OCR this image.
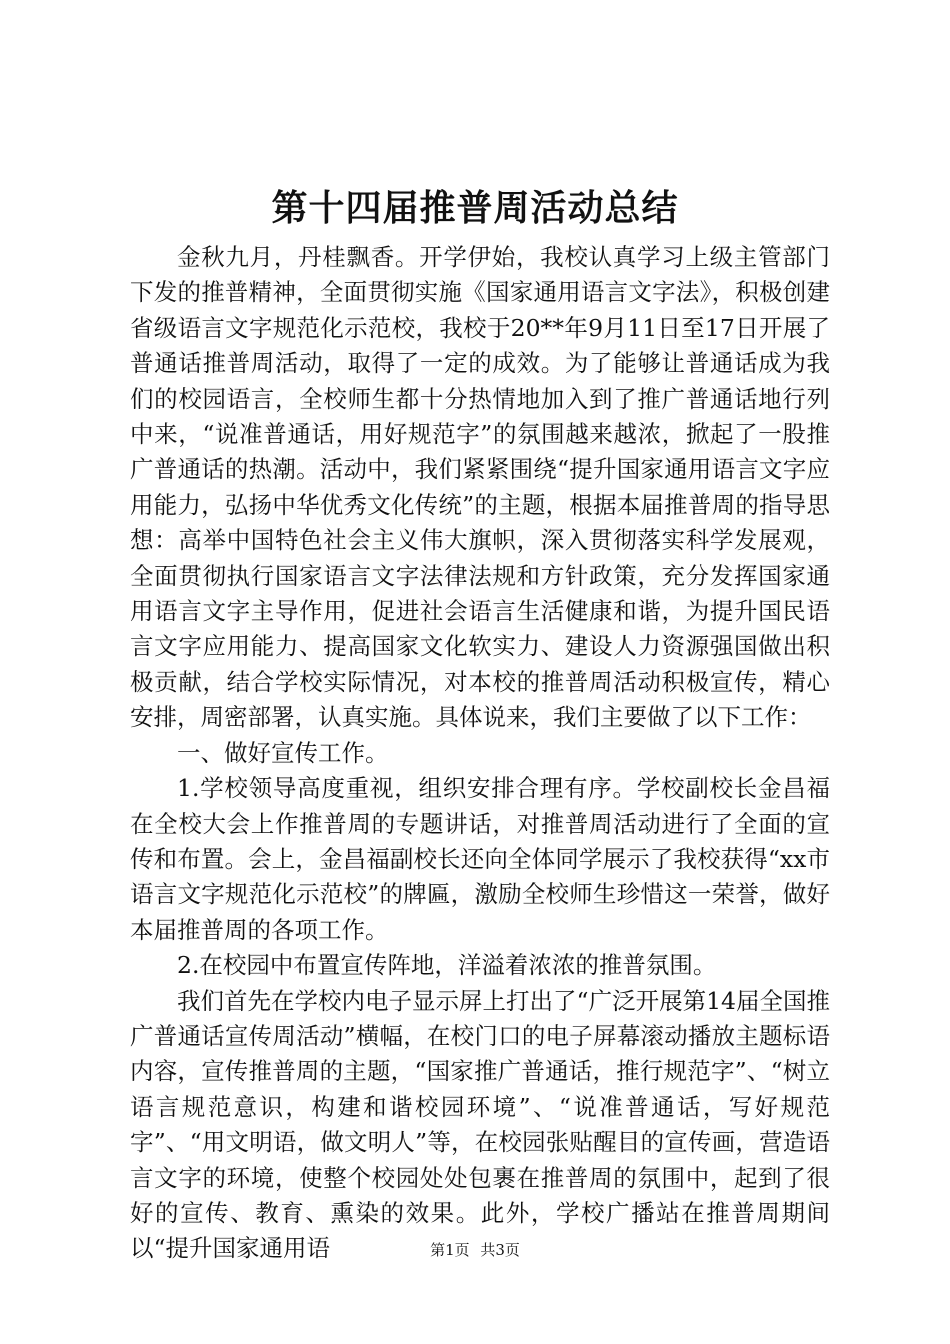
第十四届推普周活动总结

金秋九月，丹桂飘香。开学伊始，我校认真学习上级主管部门下发的推普精神，全面贯彻实施《国家通用语言文字法》，积极创建省级语言文字规范化示范校，我校于20**年9月11日至17日开展了普通话推普周活动，取得了一定的成效。为了能够让普通话成为我们的校园语言，全校师生都十分热情地加入到了推广普通话地行列中来，“说准普通话，用好规范字”的氛围越来越浓，掀起了一股推广普通话的热潮。活动中，我们紧紧围绕“提升国家通用语言文字应用能力，弘扬中华优秀文化传统”的主题，根据本届推普周的指导思想：高举中国特色社会主义伟大旗帜，深入贯彻落实科学发展观，全面贯彻执行国家语言文字法律法规和方针政策，充分发挥国家通用语言文字主导作用，促进社会语言生活健康和谐，为提升国民语言文字应用能力、提高国家文化软实力、建设人力资源强国做出积极贡献，结合学校实际情况，对本校的推普周活动积极宣传，精心安排，周密部署，认真实施。具体说来，我们主要做了以下工作：

一、做好宣传工作。

1.学校领导高度重视，组织安排合理有序。学校副校长金昌福在全校大会上作推普周的专题讲话，对推普周活动进行了全面的宣传和布置。会上，金昌福副校长还向全体同学展示了我校获得“xx市语言文字规范化示范校”的牌匾，激励全校师生珍惜这一荣誉，做好本届推普周的各项工作。

2.在校园中布置宣传阵地，洋溢着浓浓的推普氛围。

我们首先在学校内电子显示屏上打出了“广泛开展第14届全国推广普通话宣传周活动”横幅，在校门口的电子屏幕滚动播放主题标语内容，宣传推普周的主题，“国家推广普通话，推行规范字”、“树立语言规范意识，构建和谐校园环境”、“说准普通话，写好规范字”、“用文明语，做文明人”等，在校园张贴醒目的宣传画，营造语言文字的环境，使整个校园处处包裹在推普周的氛围中，起到了很好的宣传、教育、熏染的效果。此外，学校广播站在推普周期间以“提升国家通用语	第1页 共3页
